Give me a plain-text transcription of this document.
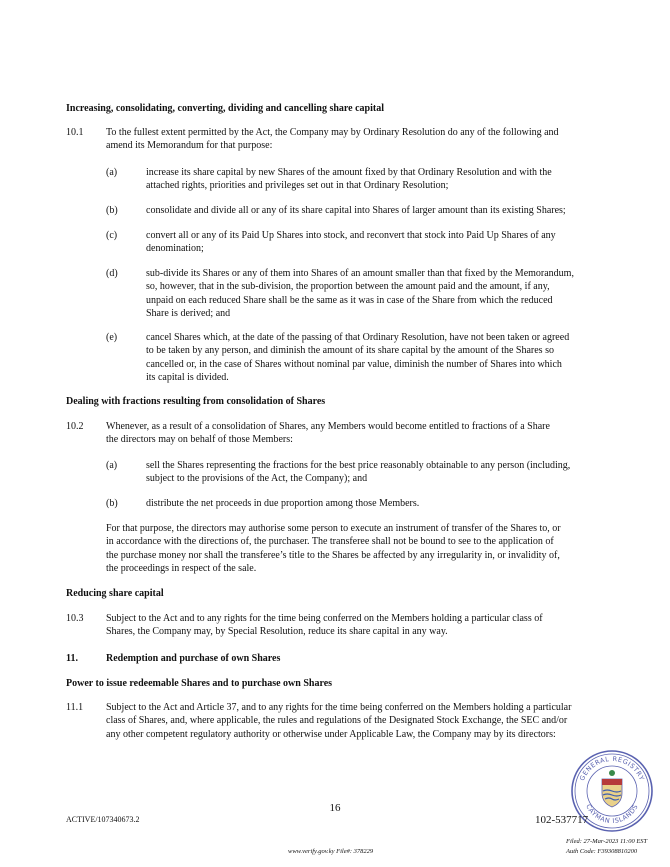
Increasing, consolidating, converting, dividing and cancelling share capital
10.1 To the fullest extent permitted by the Act, the Company may by Ordinary Resolution do any of the following and
amend its Memorandum for that purpose:
(a)	increase its share capital by new Shares of the amount fixed by that Ordinary Resolution and with the
attached rights, priorities and privileges set out in that Ordinary Resolution;
(b)	consolidate and divide all or any of its share capital into Shares of larger amount than its existing Shares;
(c)	convert all or any of its Paid Up Shares into stock, and reconvert that stock into Paid Up Shares of any
denomination;
(d)	sub-divide its Shares or any of them into Shares of an amount smaller than that fixed by the Memorandum,
so, however, that in the sub-division, the proportion between the amount paid and the amount, if any,
unpaid on each reduced Share shall be the same as it was in case of the Share from which the reduced
Share is derived; and
(e)	cancel Shares which, at the date of the passing of that Ordinary Resolution, have not been taken or agreed
to be taken by any person, and diminish the amount of its share capital by the amount of the Shares so
cancelled or, in the case of Shares without nominal par value, diminish the number of Shares into which
its capital is divided.
Dealing with fractions resulting from consolidation of Shares
10.2 Whenever, as a result of a consolidation of Shares, any Members would become entitled to fractions of a Share
the directors may on behalf of those Members:
(a)	sell the Shares representing the fractions for the best price reasonably obtainable to any person (including,
subject to the provisions of the Act, the Company); and
(b)	distribute the net proceeds in due proportion among those Members.
For that purpose, the directors may authorise some person to execute an instrument of transfer of the Shares to, or
in accordance with the directions of, the purchaser. The transferee shall not be bound to see to the application of
the purchase money nor shall the transferee’s title to the Shares be affected by any irregularity in, or invalidity of,
the proceedings in respect of the sale.
Reducing share capital
10.3 Subject to the Act and to any rights for the time being conferred on the Members holding a particular class of
Shares, the Company may, by Special Resolution, reduce its share capital in any way.
11.	Redemption and purchase of own Shares
Power to issue redeemable Shares and to purchase own Shares
11.1 Subject to the Act and Article 37, and to any rights for the time being conferred on the Members holding a particular
class of Shares, and, where applicable, the rules and regulations of the Designated Stock Exchange, the SEC and/or
any other competent regulatory authority or otherwise under Applicable Law, the Company may by its directors:
GENERAL REGISTRY
CAYMAN ISLANDS
16
ACTIVE/107340673.2	102-537717
Filed: 27-Mar-2023 11:00 EST
Auth Code: F39308810200
www.verify.gov.ky File#: 378229
